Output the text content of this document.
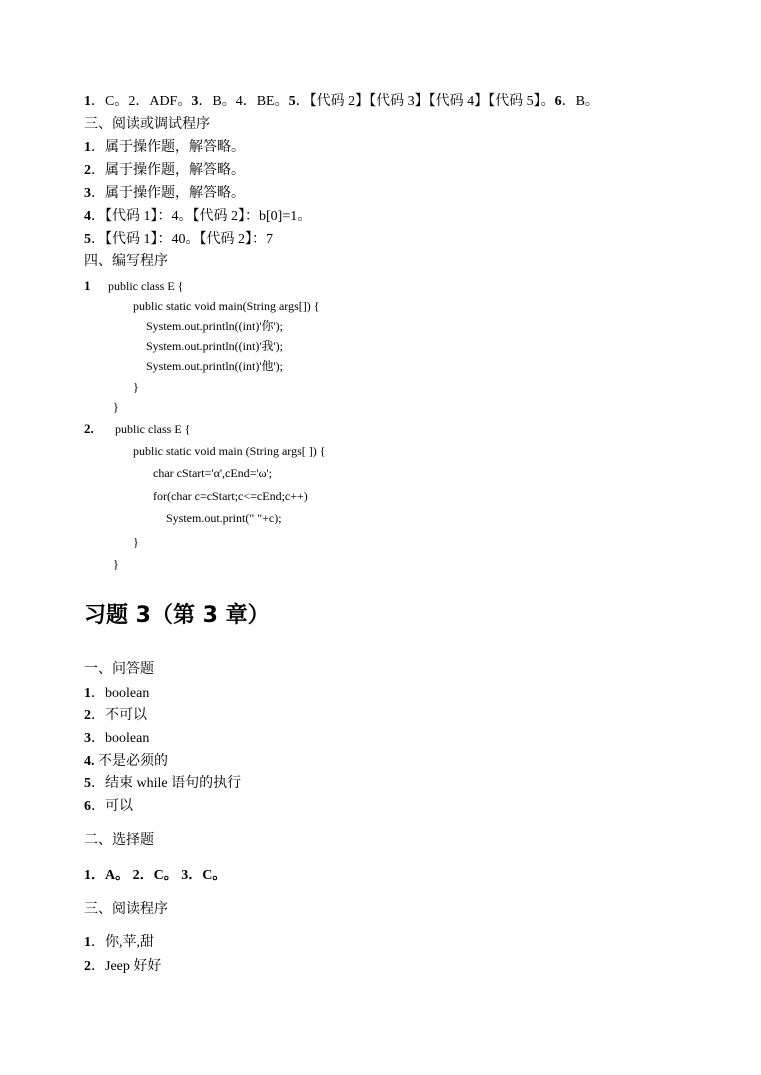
1．C。2．ADF。3．B。4．BE。5．【代码 2】【代码 3】【代码 4】【代码 5】。6．B。
三、阅读或调试程序
1．属于操作题，解答略。
2．属于操作题，解答略。
3．属于操作题，解答略。
4．【代码 1】：4。【代码 2】：b[0]=1。
5．【代码 1】：40。【代码 2】：7
四、编写程序
1 public class E {
public static void main(String args[]) {
System.out.println((int)'你');
System.out.println((int)'我');
System.out.println((int)'他');
}
}
2. public class E {
public static void main (String args[ ]) {
char cStart='α',cEnd='ω';
for(char c=cStart;c<=cEnd;c++)
System.out.print(" "+c);
}
}
习题 3（第 3 章）
一、问答题
1．boolean
2．不可以
3．boolean
4. 不是必须的
5．结束 while 语句的执行
6．可以
二、选择题
1．A。 2．C。 3．C。
三、阅读程序
1．你,苹,甜
2．Jeep 好好
